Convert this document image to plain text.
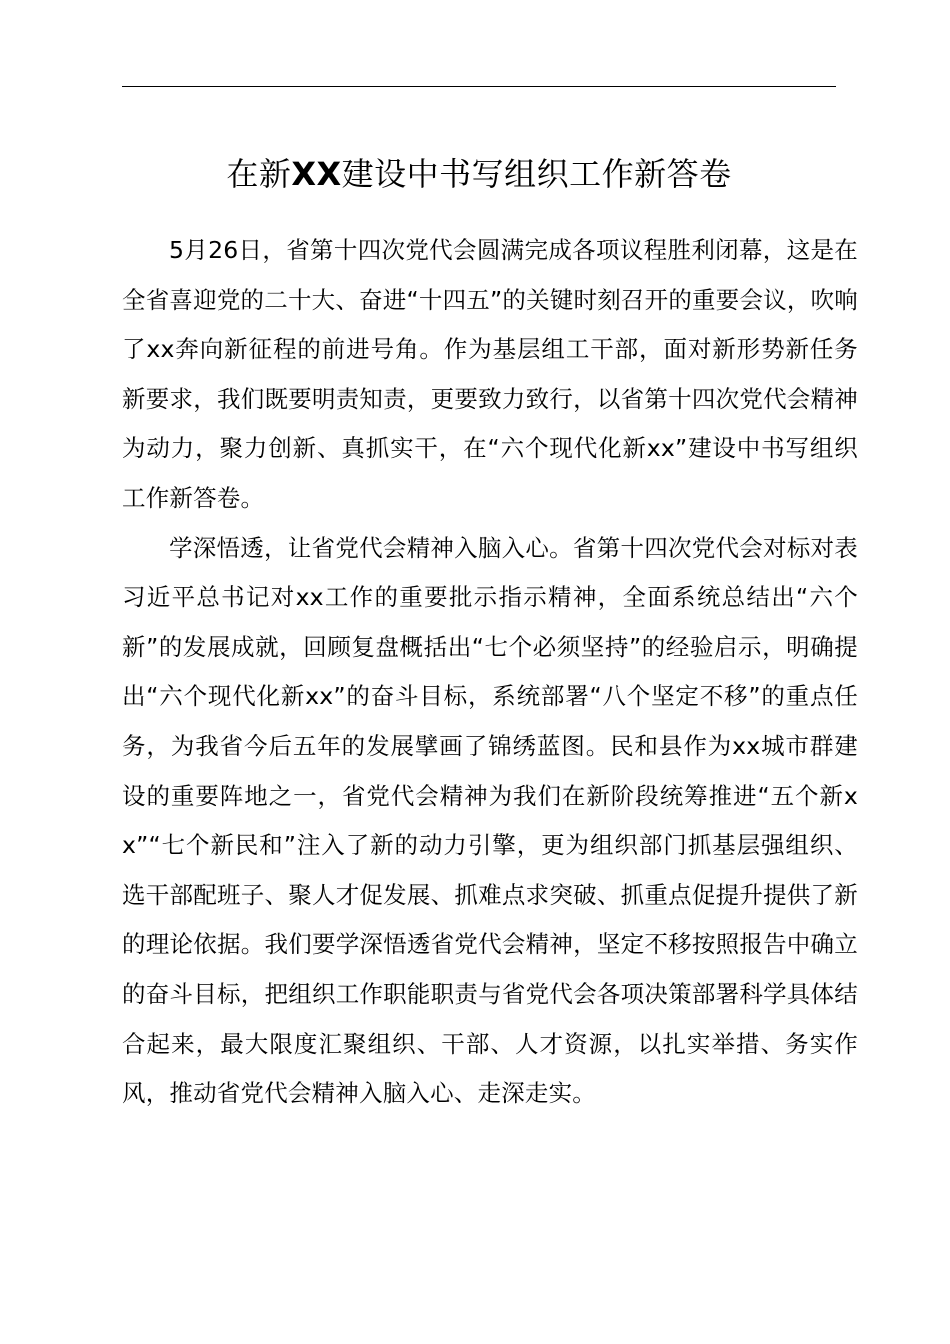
在新XX建设中书写组织工作新答卷

5月26日，省第十四次党代会圆满完成各项议程胜利闭幕，这是在全省喜迎党的二十大、奋进“十四五”的关键时刻召开的重要会议，吹响了xx奔向新征程的前进号角。作为基层组工干部，面对新形势新任务新要求，我们既要明责知责，更要致力致行，以省第十四次党代会精神为动力，聚力创新、真抓实干，在“六个现代化新xx”建设中书写组织工作新答卷。

学深悟透，让省党代会精神入脑入心。省第十四次党代会对标对表习近平总书记对xx工作的重要批示指示精神，全面系统总结出“六个新”的发展成就，回顾复盘概括出“七个必须坚持”的经验启示，明确提出“六个现代化新xx”的奋斗目标，系统部署“八个坚定不移”的重点任务，为我省今后五年的发展擘画了锦绣蓝图。民和县作为xx城市群建设的重要阵地之一，省党代会精神为我们在新阶段统筹推进“五个新xx”“七个新民和”注入了新的动力引擎，更为组织部门抓基层强组织、选干部配班子、聚人才促发展、抓难点求突破、抓重点促提升提供了新的理论依据。我们要学深悟透省党代会精神，坚定不移按照报告中确立的奋斗目标，把组织工作职能职责与省党代会各项决策部署科学具体结合起来，最大限度汇聚组织、干部、人才资源，以扎实举措、务实作风，推动省党代会精神入脑入心、走深走实。
